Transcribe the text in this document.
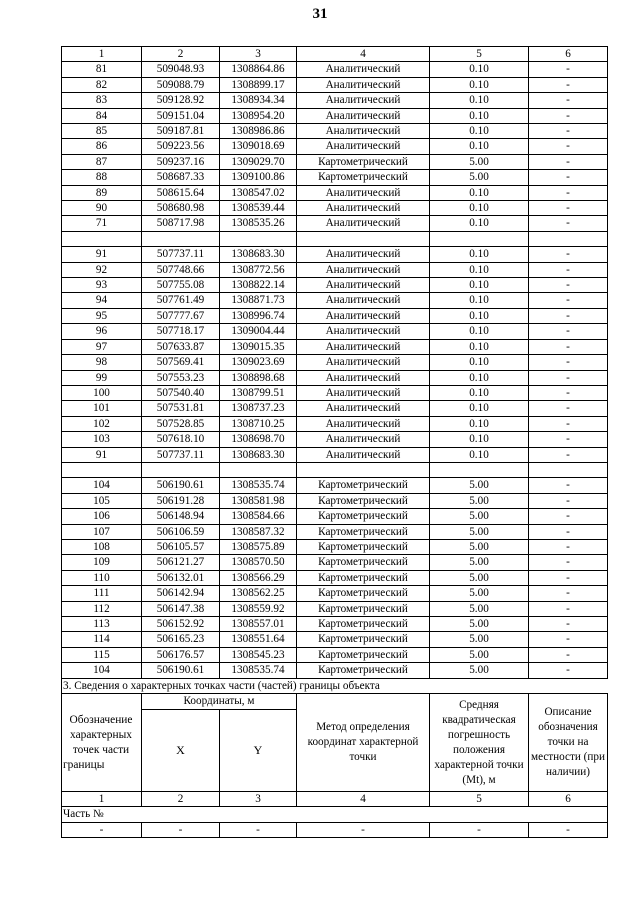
31
1	2	3	4	5	6
81	509048.93	1308864.86	Аналитический	0.10	-
82	509088.79	1308899.17	Аналитический	0.10	-
83	509128.92	1308934.34	Аналитический	0.10	-
84	509151.04	1308954.20	Аналитический	0.10	-
85	509187.81	1308986.86	Аналитический	0.10	-
86	509223.56	1309018.69	Аналитический	0.10	-
87	509237.16	1309029.70	Картометрический	5.00	-
88	508687.33	1309100.86	Картометрический	5.00	-
89	508615.64	1308547.02	Аналитический	0.10	-
90	508680.98	1308539.44	Аналитический	0.10	-
71	508717.98	1308535.26	Аналитический	0.10	-

91	507737.11	1308683.30	Аналитический	0.10	-
92	507748.66	1308772.56	Аналитический	0.10	-
93	507755.08	1308822.14	Аналитический	0.10	-
94	507761.49	1308871.73	Аналитический	0.10	-
95	507777.67	1308996.74	Аналитический	0.10	-
96	507718.17	1309004.44	Аналитический	0.10	-
97	507633.87	1309015.35	Аналитический	0.10	-
98	507569.41	1309023.69	Аналитический	0.10	-
99	507553.23	1308898.68	Аналитический	0.10	-
100	507540.40	1308799.51	Аналитический	0.10	-
101	507531.81	1308737.23	Аналитический	0.10	-
102	507528.85	1308710.25	Аналитический	0.10	-
103	507618.10	1308698.70	Аналитический	0.10	-
91	507737.11	1308683.30	Аналитический	0.10	-

104	506190.61	1308535.74	Картометрический	5.00	-
105	506191.28	1308581.98	Картометрический	5.00	-
106	506148.94	1308584.66	Картометрический	5.00	-
107	506106.59	1308587.32	Картометрический	5.00	-
108	506105.57	1308575.89	Картометрический	5.00	-
109	506121.27	1308570.50	Картометрический	5.00	-
110	506132.01	1308566.29	Картометрический	5.00	-
111	506142.94	1308562.25	Картометрический	5.00	-
112	506147.38	1308559.92	Картометрический	5.00	-
113	506152.92	1308557.01	Картометрический	5.00	-
114	506165.23	1308551.64	Картометрический	5.00	-
115	506176.57	1308545.23	Картометрический	5.00	-
104	506190.61	1308535.74	Картометрический	5.00	-
3. Сведения о характерных точках части (частей) границы объекта					
Обозначение характерных точек части границы	Координаты, м		Метод определения координат характерной точки	Средняя квадратическая погрешность положения характерной точки (Mt), м	Описание обозначения точки на местности (при наличии)
	X	Y			
1	2	3	4	5	6
Часть №					
-	-	-	-	-	-
